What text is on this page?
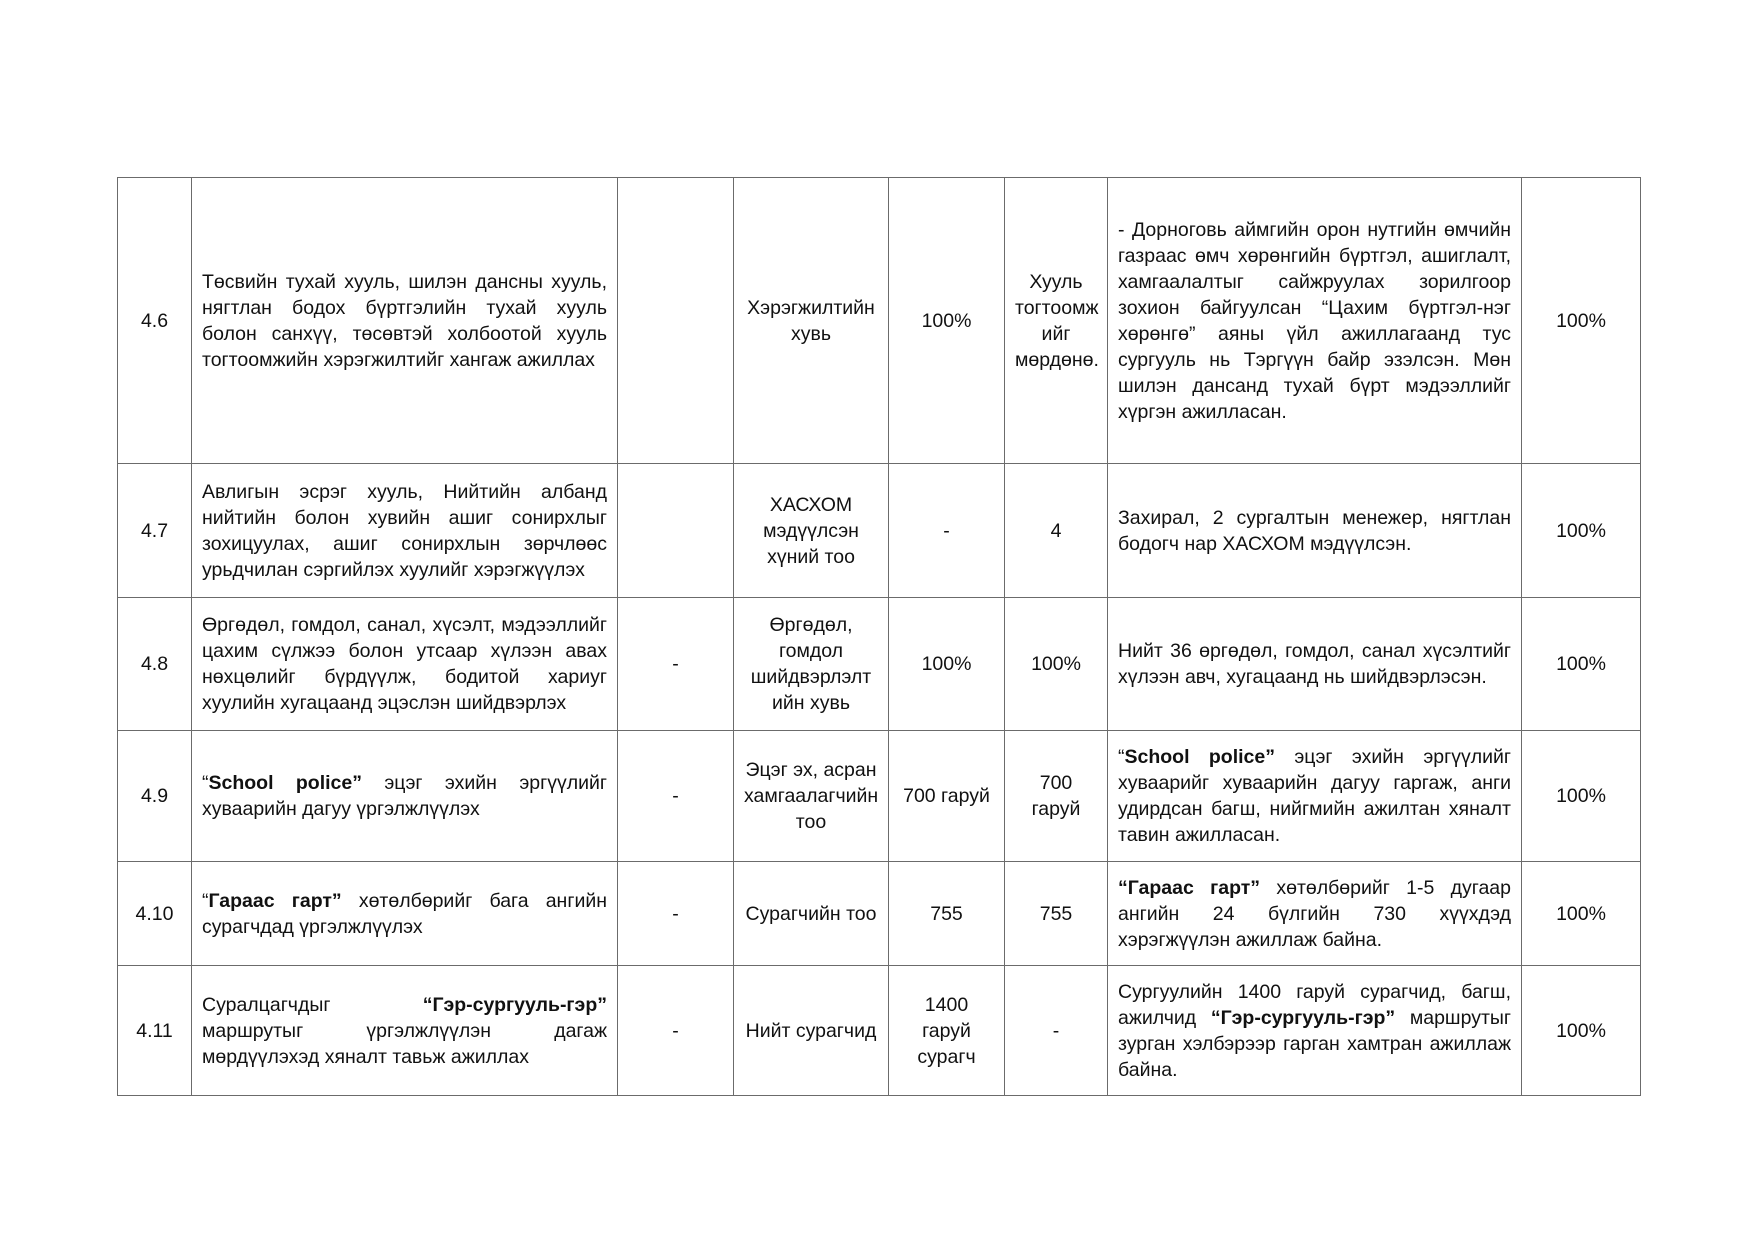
4.6	Төсвийн тухай хууль, шилэн дансны хууль, нягтлан бодох бүртгэлийн тухай хууль болон санхүү, төсөвтэй холбоотой хууль тогтоомжийн хэрэгжилтийг хангаж ажиллах		Хэрэгжилтийн хувь	100%	Хууль тогтоомж ийг мөрдөнө.	- Дорноговь аймгийн орон нутгийн өмчийн газраас өмч хөрөнгийн бүртгэл, ашиглалт, хамгаалалтыг сайжруулах зорилгоор зохион байгуулсан “Цахим бүртгэл-нэг хөрөнгө” аяны үйл ажиллагаанд тус сургууль нь Тэргүүн байр эзэлсэн. Мөн шилэн дансанд тухай бүрт мэдээллийг хүргэн ажилласан.	100%
4.7	Авлигын эсрэг хууль, Нийтийн албанд нийтийн болон хувийн ашиг сонирхлыг зохицуулах, ашиг сонирхлын зөрчлөөс урьдчилан сэргийлэх хуулийг хэрэгжүүлэх		ХАСХОМ мэдүүлсэн хүний тоо	-	4	Захирал, 2 сургалтын менежер, нягтлан бодогч нар ХАСХОМ мэдүүлсэн.	100%
4.8	Өргөдөл, гомдол, санал, хүсэлт, мэдээллийг цахим сүлжээ болон утсаар хүлээн авах нөхцөлийг бүрдүүлж, бодитой хариуг хуулийн хугацаанд эцэслэн шийдвэрлэх	-	Өргөдөл, гомдол шийдвэрлэлт ийн хувь	100%	100%	Нийт 36 өргөдөл, гомдол, санал хүсэлтийг хүлээн авч, хугацаанд нь шийдвэрлэсэн.	100%
4.9	“School police” эцэг эхийн эргүүлийг хуваарийн дагуу үргэлжлүүлэх	-	Эцэг эх, асран хамгаалагчийн тоо	700 гаруй	700 гаруй	“School police” эцэг эхийн эргүүлийг хуваарийг хуваарийн дагуу гаргаж, анги удирдсан багш, нийгмийн ажилтан хяналт тавин ажилласан.	100%
4.10	“Гараас гарт” хөтөлбөрийг бага ангийн сурагчдад үргэлжлүүлэх	-	Сурагчийн тоо	755	755	“Гараас гарт” хөтөлбөрийг 1-5 дугаар ангийн 24 бүлгийн 730 хүүхдэд хэрэгжүүлэн ажиллаж байна.	100%
4.11	Суралцагчдыг “Гэр-сургууль-гэр” маршрутыг үргэлжлүүлэн дагаж мөрдүүлэхэд хяналт тавьж ажиллах	-	Нийт сурагчид	1400 гаруй сурагч	-	Сургуулийн 1400 гаруй сурагчид, багш, ажилчид “Гэр-сургууль-гэр” маршрутыг зурган хэлбэрээр гарган хамтран ажиллаж байна.	100%
